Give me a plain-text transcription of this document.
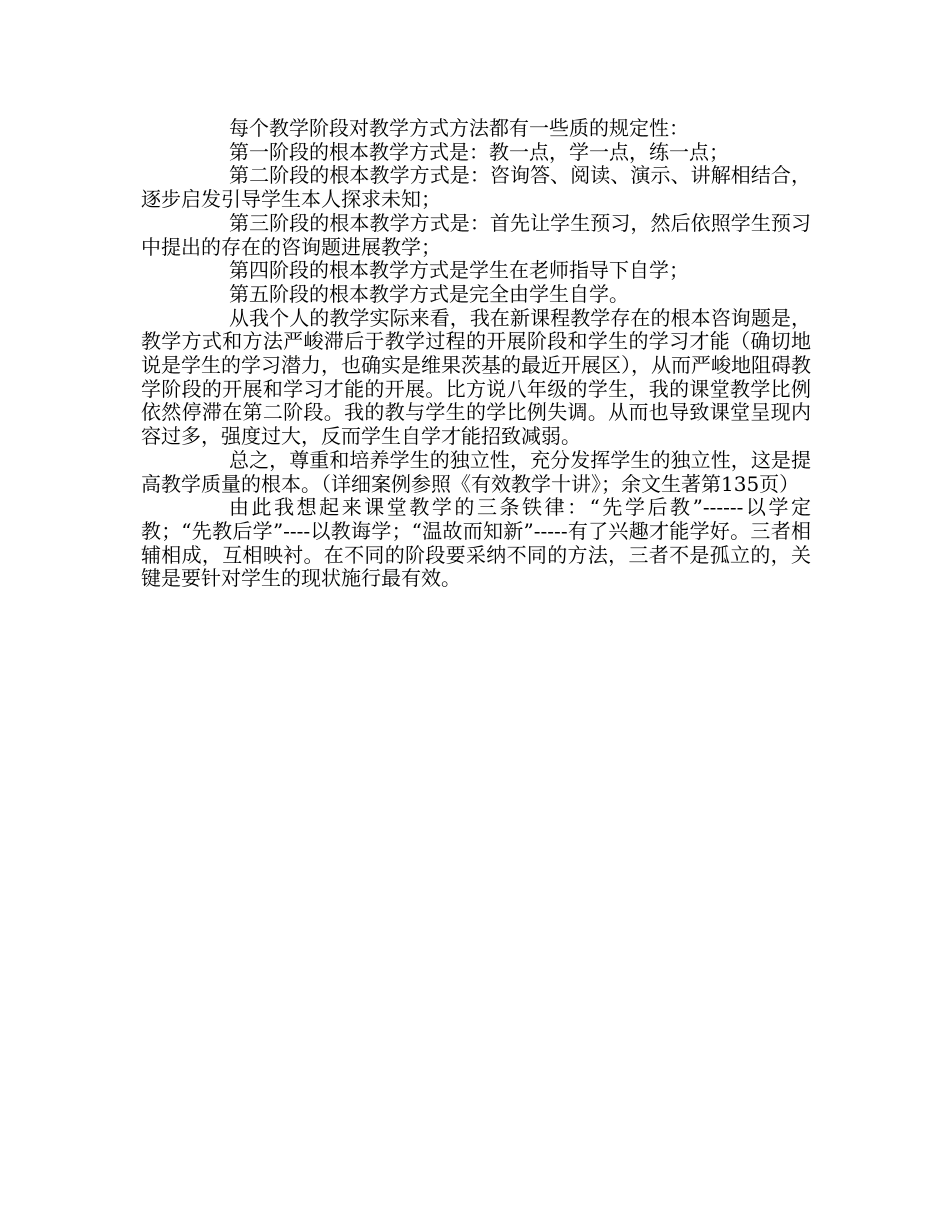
每个教学阶段对教学方式方法都有一些质的规定性：

第一阶段的根本教学方式是：教一点，学一点，练一点；

第二阶段的根本教学方式是：咨询答、阅读、演示、讲解相结合，逐步启发引导学生本人探求未知；

第三阶段的根本教学方式是：首先让学生预习，然后依照学生预习中提出的存在的咨询题进展教学；

第四阶段的根本教学方式是学生在老师指导下自学；

第五阶段的根本教学方式是完全由学生自学。

从我个人的教学实际来看，我在新课程教学存在的根本咨询题是，教学方式和方法严峻滞后于教学过程的开展阶段和学生的学习才能（确切地说是学生的学习潜力，也确实是维果茨基的最近开展区），从而严峻地阻碍教学阶段的开展和学习才能的开展。比方说八年级的学生，我的课堂教学比例依然停滞在第二阶段。我的教与学生的学比例失调。从而也导致课堂呈现内容过多，强度过大，反而学生自学才能招致减弱。

总之，尊重和培养学生的独立性，充分发挥学生的独立性，这是提高教学质量的根本。（详细案例参照《有效教学十讲》；余文生著第135页）

由此我想起来课堂教学的三条铁律：“先学后教”------以学定教；“先教后学”----以教诲学；“温故而知新”-----有了兴趣才能学好。三者相辅相成，互相映衬。在不同的阶段要采纳不同的方法，三者不是孤立的，关键是要针对学生的现状施行最有效。
